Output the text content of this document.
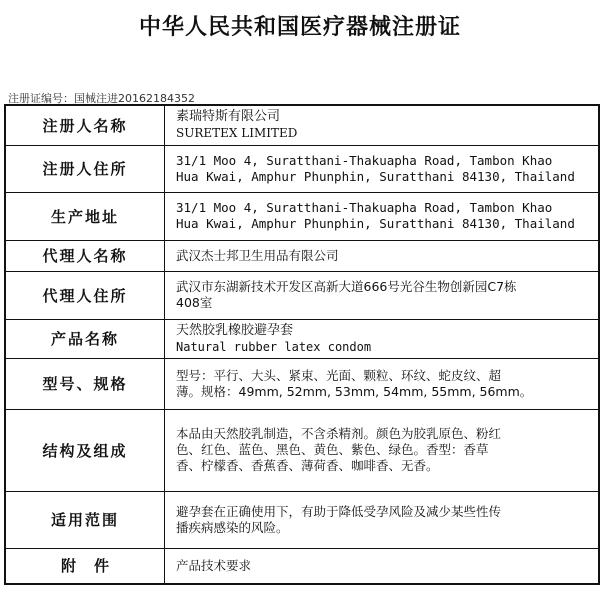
中华人民共和国医疗器械注册证
注册证编号：国械注进20162184352
注册人名称	素瑞特斯有限公司
SURETEX LIMITED

注册人住所	31/1 Moo 4, Suratthani-Thakuapha Road, Tambon Khao
Hua Kwai, Amphur Phunphin, Suratthani 84130, Thailand

生产地址	31/1 Moo 4, Suratthani-Thakuapha Road, Tambon Khao
Hua Kwai, Amphur Phunphin, Suratthani 84130, Thailand

代理人名称	武汉杰士邦卫生用品有限公司

代理人住所	武汉市东湖新技术开发区高新大道666号光谷生物创新园C7栋
408室

产品名称	天然胶乳橡胶避孕套
Natural rubber latex condom

型号、规格	型号：平行、大头、紧束、光面、颗粒、环纹、蛇皮纹、超
薄。规格：49mm, 52mm, 53mm, 54mm, 55mm, 56mm。

结构及组成	本品由天然胶乳制造，不含杀精剂。颜色为胶乳原色、粉红
色、红色、蓝色、黑色、黄色、紫色、绿色。香型：香草
香、柠檬香、香蕉香、薄荷香、咖啡香、无香。

适用范围	避孕套在正确使用下，有助于降低受孕风险及减少某些性传
播疾病感染的风险。

附件	产品技术要求
